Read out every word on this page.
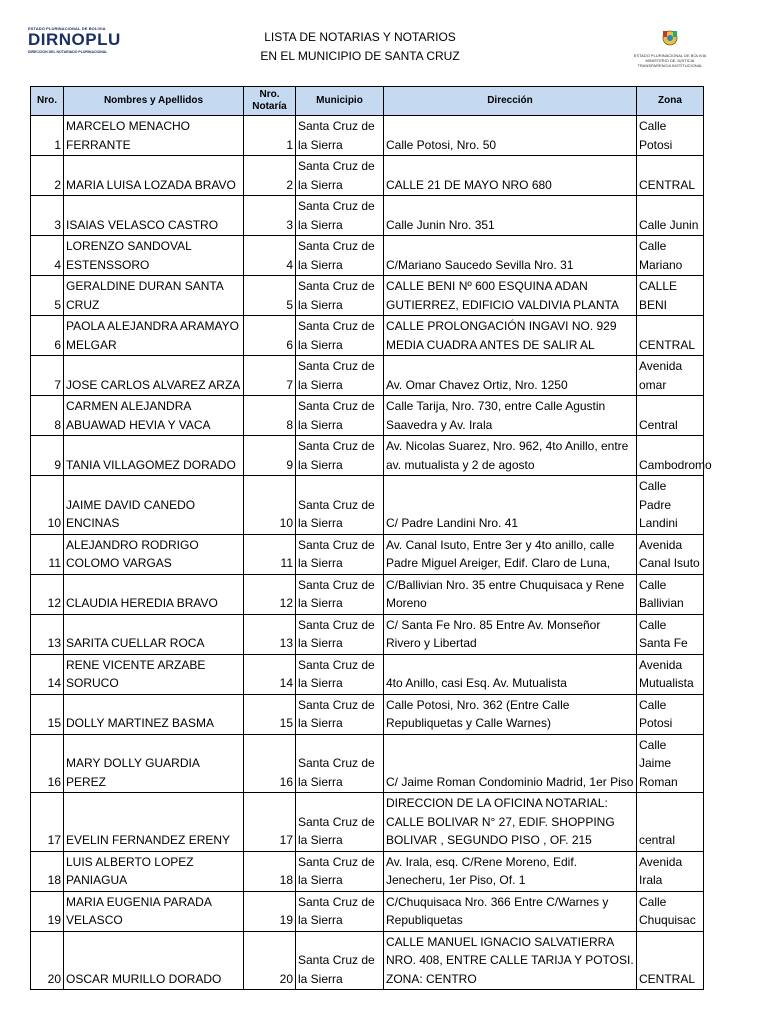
ESTADO PLURINACIONAL DE BOLIVIA
DIRNOPLU
DIRECCION DEL NOTARIADO PLURINACIONAL
LISTA DE NOTARIAS Y NOTARIOS
EN EL MUNICIPIO DE SANTA CRUZ	ESTADO PLURINACIONAL DE BOLIVIA
MINISTERIO DE JUSTICIA
TRANSPARENCIA INSTITUCIONAL
Nro.	Nombres y Apellidos	Nro. Notaría	Municipio	Dirección	Zona
1	MARCELO MENACHO FERRANTE	1	Santa Cruz de la Sierra	Calle Potosi, Nro. 50	Calle Potosi
2	MARIA LUISA LOZADA BRAVO	2	Santa Cruz de la Sierra	CALLE 21 DE MAYO NRO 680	CENTRAL
3	ISAIAS VELASCO CASTRO	3	Santa Cruz de la Sierra	Calle Junin Nro. 351	Calle Junin
4	LORENZO SANDOVAL ESTENSSORO	4	Santa Cruz de la Sierra	C/Mariano Saucedo Sevilla Nro. 31	Calle Mariano
5	GERALDINE DURAN SANTA CRUZ	5	Santa Cruz de la Sierra	CALLE BENI Nº 600 ESQUINA ADAN GUTIERREZ, EDIFICIO VALDIVIA PLANTA	CALLE BENI
6	PAOLA ALEJANDRA ARAMAYO MELGAR	6	Santa Cruz de la Sierra	CALLE PROLONGACIÓN INGAVI NO. 929 MEDIA CUADRA ANTES DE SALIR AL	CENTRAL
7	JOSE CARLOS ALVAREZ ARZA	7	Santa Cruz de la Sierra	Av. Omar Chavez Ortiz, Nro. 1250	Avenida omar
8	CARMEN ALEJANDRA ABUAWAD HEVIA Y VACA	8	Santa Cruz de la Sierra	Calle Tarija, Nro. 730, entre Calle Agustin Saavedra y Av. Irala	Central
9	TANIA VILLAGOMEZ DORADO	9	Santa Cruz de la Sierra	Av. Nicolas Suarez, Nro. 962, 4to Anillo, entre av. mutualista y 2 de agosto	Cambodromo
10	JAIME DAVID CANEDO ENCINAS	10	Santa Cruz de la Sierra	C/ Padre Landini Nro. 41	Calle Padre Landini
11	ALEJANDRO RODRIGO COLOMO VARGAS	11	Santa Cruz de la Sierra	Av. Canal Isuto, Entre 3er y 4to anillo, calle Padre Miguel Areiger, Edif. Claro de Luna,	Avenida Canal Isuto
12	CLAUDIA HEREDIA BRAVO	12	Santa Cruz de la Sierra	C/Ballivian Nro. 35 entre Chuquisaca y Rene Moreno	Calle Ballivian
13	SARITA CUELLAR ROCA	13	Santa Cruz de la Sierra	C/ Santa Fe Nro. 85 Entre Av. Monseñor Rivero y Libertad	Calle Santa Fe
14	RENE VICENTE ARZABE SORUCO	14	Santa Cruz de la Sierra	4to Anillo, casi Esq. Av. Mutualista	Avenida Mutualista
15	DOLLY MARTINEZ BASMA	15	Santa Cruz de la Sierra	Calle Potosi, Nro. 362 (Entre Calle Republiquetas y Calle Warnes)	Calle Potosi
16	MARY DOLLY GUARDIA PEREZ	16	Santa Cruz de la Sierra	C/ Jaime Roman Condominio Madrid, 1er Piso	Calle Jaime Roman
17	EVELIN FERNANDEZ ERENY	17	Santa Cruz de la Sierra	DIRECCION DE LA OFICINA NOTARIAL: CALLE BOLIVAR N° 27, EDIF. SHOPPING BOLIVAR , SEGUNDO PISO , OF. 215	central
18	LUIS ALBERTO LOPEZ PANIAGUA	18	Santa Cruz de la Sierra	Av. Irala, esq. C/Rene Moreno, Edif. Jenecheru, 1er Piso, Of. 1	Avenida Irala
19	MARIA EUGENIA PARADA VELASCO	19	Santa Cruz de la Sierra	C/Chuquisaca Nro. 366 Entre C/Warnes y Republiquetas	Calle Chuquisac
20	OSCAR MURILLO DORADO	20	Santa Cruz de la Sierra	CALLE MANUEL IGNACIO SALVATIERRA NRO. 408, ENTRE CALLE TARIJA Y POTOSI. ZONA: CENTRO	CENTRAL
